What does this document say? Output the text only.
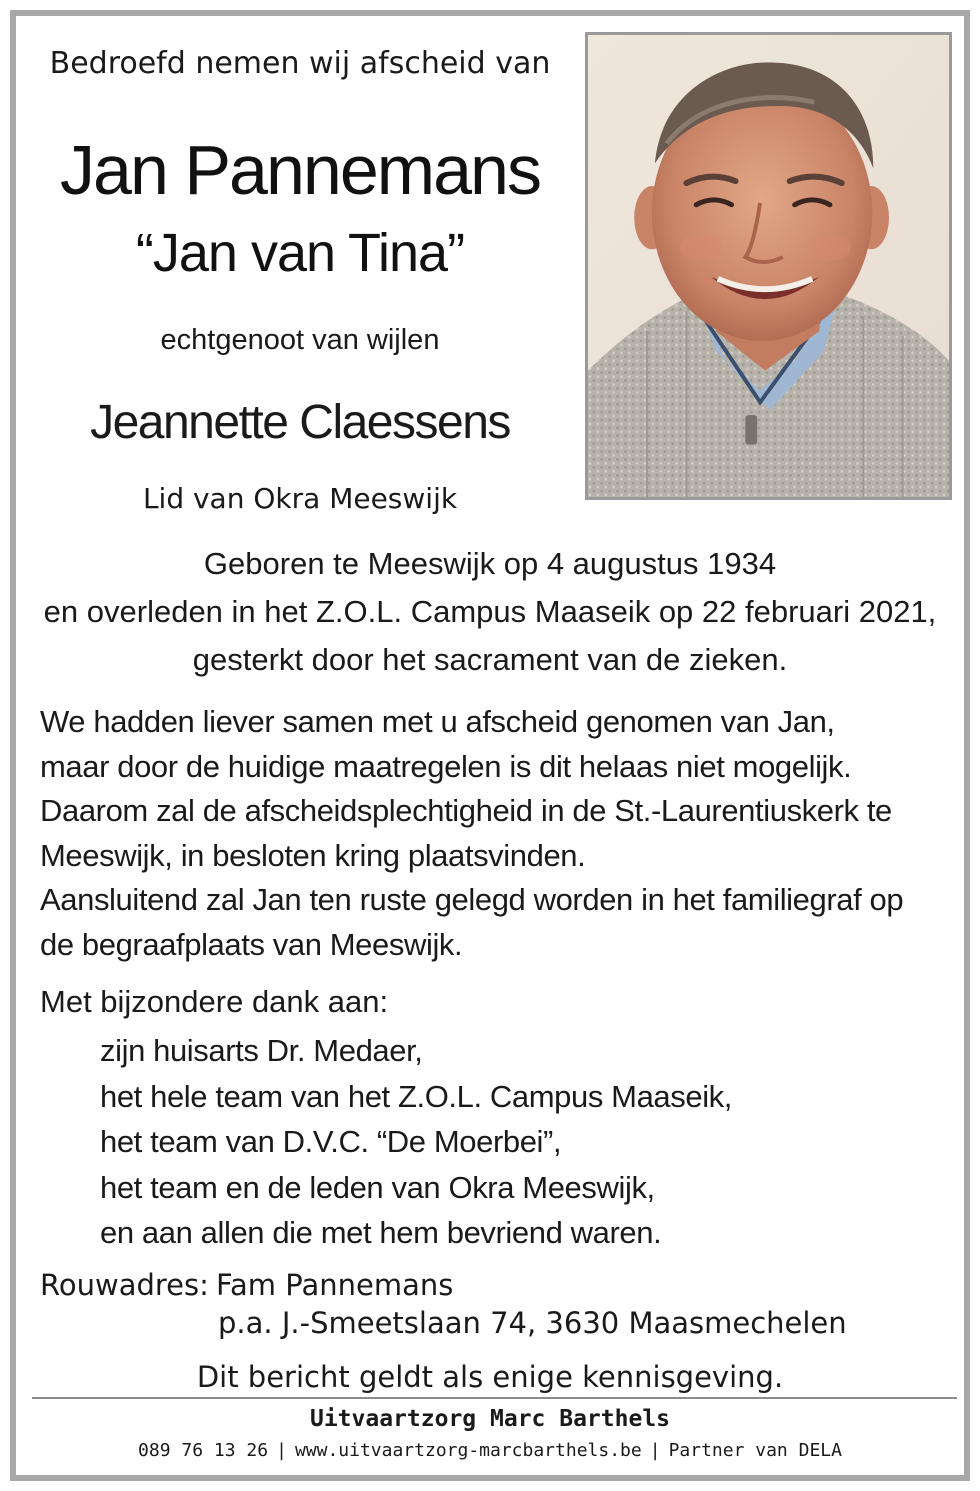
Bedroefd nemen wij afscheid van
Jan Pannemans
“Jan van Tina”
echtgenoot van wijlen
Jeannette Claessens
Lid van Okra Meeswijk
Geboren te Meeswijk op 4 augustus 1934
en overleden in het Z.O.L. Campus Maaseik op 22 februari 2021,
gesterkt door het sacrament van de zieken.
We hadden liever samen met u afscheid genomen van Jan,
maar door de huidige maatregelen is dit helaas niet mogelijk.
Daarom zal de afscheidsplechtigheid in de St.-Laurentiuskerk te
Meeswijk, in besloten kring plaatsvinden.
Aansluitend zal Jan ten ruste gelegd worden in het familiegraf op
de begraafplaats van Meeswijk.
Met bijzondere dank aan:
zijn huisarts Dr. Medaer,
het hele team van het Z.O.L. Campus Maaseik,
het team van D.V.C. “De Moerbei”,
het team en de leden van Okra Meeswijk,
en aan allen die met hem bevriend waren.
Rouwadres: Fam Pannemans
p.a. J.-Smeetslaan 74, 3630 Maasmechelen
Dit bericht geldt als enige kennisgeving.
Uitvaartzorg Marc Barthels
089 76 13 26 | www.uitvaartzorg-marcbarthels.be | Partner van DELA
